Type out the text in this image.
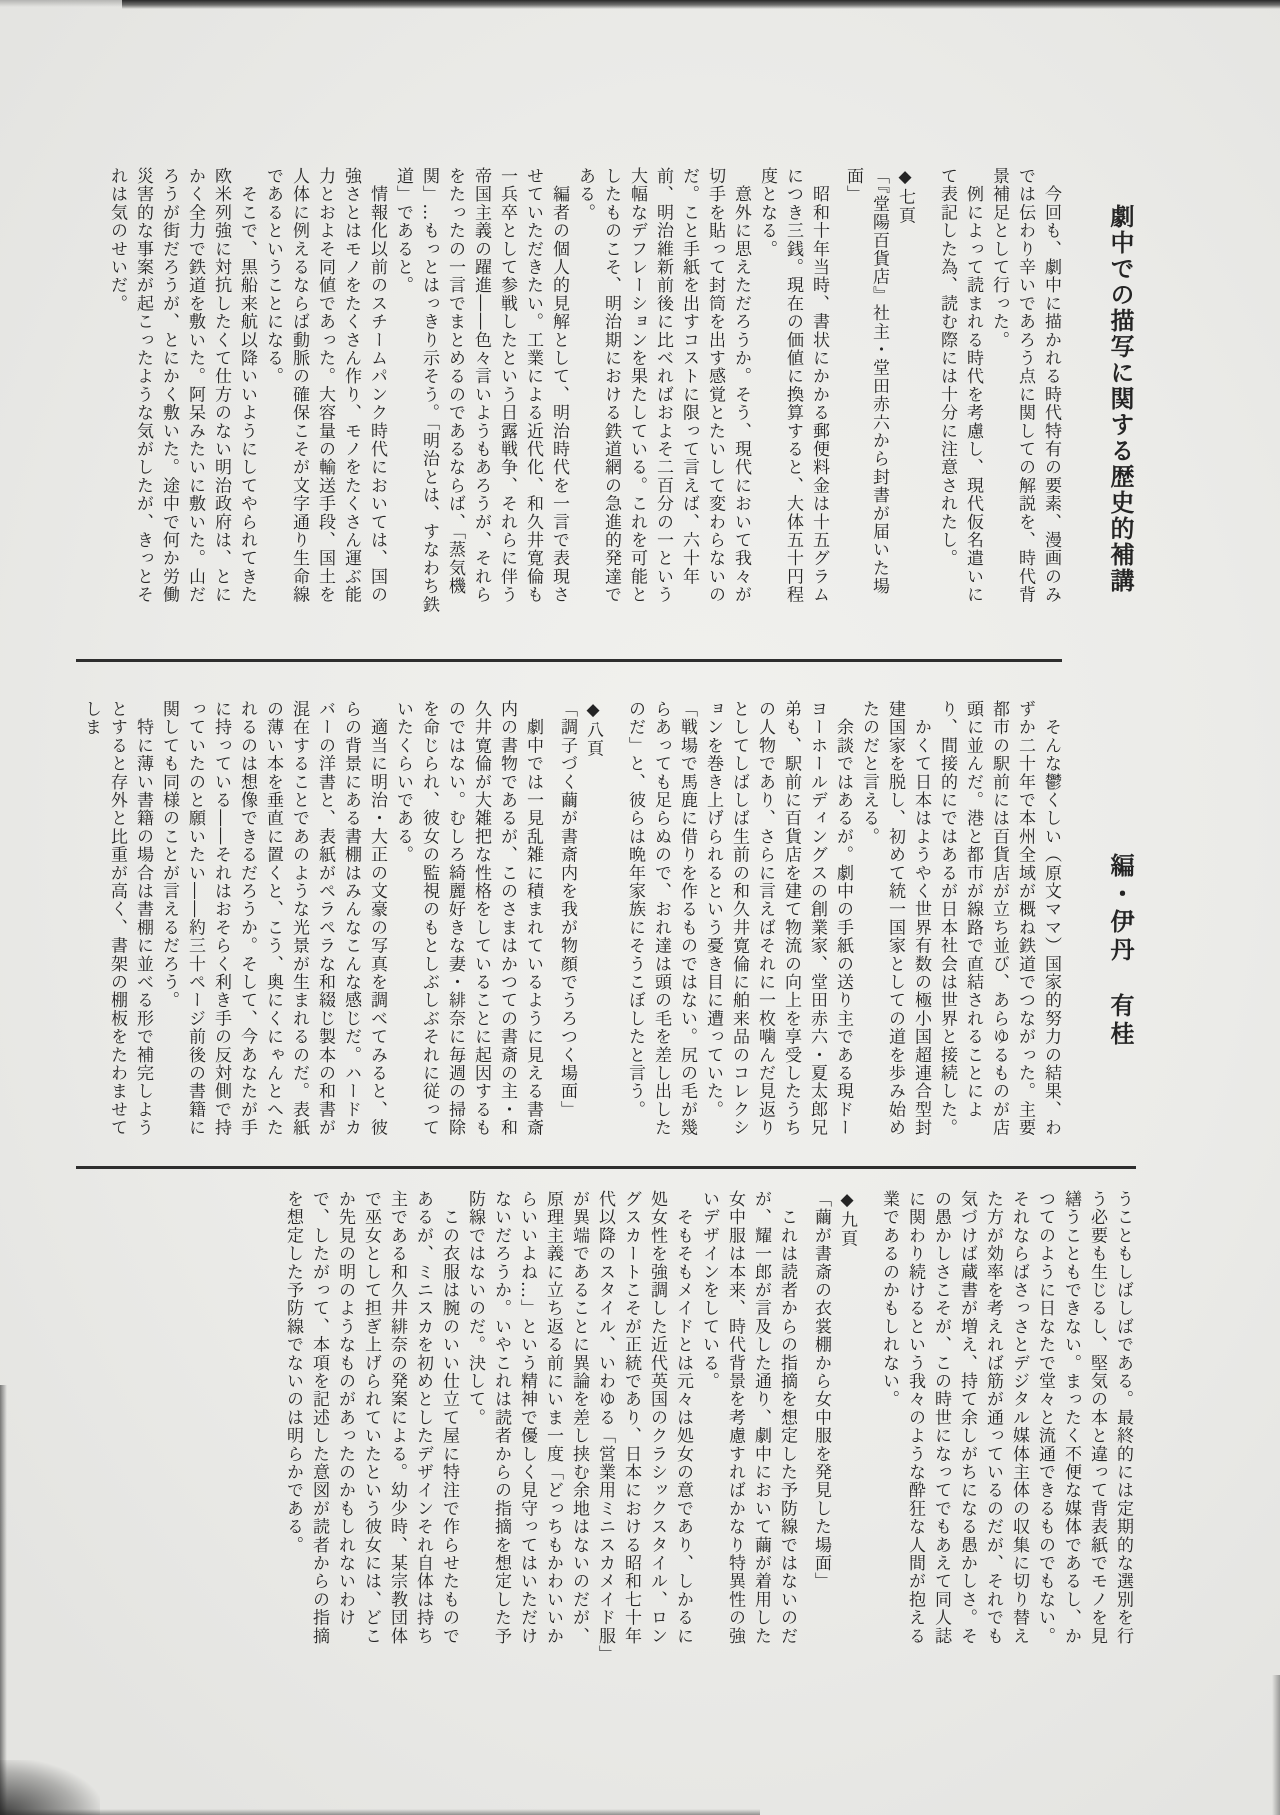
劇中での描写に関する歴史的補講
編・伊丹　有桂

　今回も、劇中に描かれる時代特有の要素、漫画のみでは伝わり辛いであろう点に関しての解説を、時代背景補足として行った。

　例によって読まれる時代を考慮し、現代仮名遣いにて表記した為、読む際には十分に注意されたし。

◆七頁

「『堂陽百貨店』社主・堂田赤六から封書が届いた場面」

　昭和十年当時、書状にかかる郵便料金は十五グラムにつき三銭。現在の価値に換算すると、大体五十円程度となる。

　意外に思えただろうか。そう、現代において我々が切手を貼って封筒を出す感覚とたいして変わらないのだ。こと手紙を出すコストに限って言えば、六十年前、明治維新前後に比べればおよそ二百分の一という大幅なデフレーションを果たしている。これを可能としたものこそ、明治期における鉄道網の急進的発達である。

　編者の個人的見解として、明治時代を一言で表現させていただきたい。工業による近代化、和久井寛倫も一兵卒として参戦したという日露戦争、それらに伴う帝国主義の躍進――色々言いようもあろうが、それらをたったの一言でまとめるのであるならば、「蒸気機関」…もっとはっきり示そう。「明治とは、すなわち鉄道」であると。

　情報化以前のスチームパンク時代においては、国の強さとはモノをたくさん作り、モノをたくさん運ぶ能力とおよそ同値であった。大容量の輸送手段、国土を人体に例えるならば動脈の確保こそが文字通り生命線であるということになる。

　そこで、黒船来航以降いいようにしてやられてきた欧米列強に対抗したくて仕方のない明治政府は、とにかく全力で鉄道を敷いた。阿呆みたいに敷いた。山だろうが街だろうが、とにかく敷いた。途中で何か労働災害的な事案が起こったような気がしたが、きっとそれは気のせいだ。

　そんな鬱くしい（原文ママ）国家的努力の結果、わずか二十年で本州全域が概ね鉄道でつながった。主要都市の駅前には百貨店が立ち並び、あらゆるものが店頭に並んだ。港と都市が線路で直結されることにより、間接的にではあるが日本社会は世界と接続した。

　かくて日本はようやく世界有数の極小国超連合型封建国家を脱し、初めて統一国家としての道を歩み始めたのだと言える。

　余談ではあるが。劇中の手紙の送り主である現ドーヨーホールディングスの創業家、堂田赤六・夏太郎兄弟も、駅前に百貨店を建て物流の向上を享受したうちの人物であり、さらに言えばそれに一枚噛んだ見返りとしてしばしば生前の和久井寛倫に舶来品のコレクションを巻き上げられるという憂き目に遭っていた。

「戦場で馬鹿に借りを作るものではない。尻の毛が幾らあっても足らぬので、おれ達は頭の毛を差し出したのだ」と、彼らは晩年家族にそうこぼしたと言う。

◆八頁

「調子づく繭が書斎内を我が物顔でうろつく場面」

　劇中では一見乱雑に積まれているように見える書斎内の書物であるが、このさまはかつての書斎の主・和久井寛倫が大雑把な性格をしていることに起因するものではない。むしろ綺麗好きな妻・緋奈に毎週の掃除を命じられ、彼女の監視のもとしぶしぶそれに従っていたくらいである。

　適当に明治・大正の文豪の写真を調べてみると、彼らの背景にある書棚はみんなこんな感じだ。ハードカバーの洋書と、表紙がペラペラな和綴じ製本の和書が混在することであのような光景が生まれるのだ。表紙の薄い本を垂直に置くと、こう、奥にくにゃんとへたれるのは想像できるだろうか。そして、今あなたが手に持っている――それはおそらく利き手の反対側で持っていたのと願いたい――約三十ページ前後の書籍に関しても同様のことが言えるだろう。

　特に薄い書籍の場合は書棚に並べる形で補完しようとすると存外と比重が高く、書架の棚板をたわませてしま

うこともしばしばである。最終的には定期的な選別を行う必要も生じるし、堅気の本と違って背表紙でモノを見繕うこともできない。まったく不便な媒体であるし、かつてのように日なたで堂々と流通できるものでもない。それならばさっさとデジタル媒体主体の収集に切り替えた方が効率を考えれば筋が通っているのだが、それでも気づけば蔵書が増え、持て余しがちになる愚かしさ。その愚かしさこそが、この時世になってでもあえて同人誌に関わり続けるという我々のような酔狂な人間が抱える業であるのかもしれない。

◆九頁

「繭が書斎の衣裳棚から女中服を発見した場面」

　これは読者からの指摘を想定した予防線ではないのだが、耀一郎が言及した通り、劇中において繭が着用した女中服は本来、時代背景を考慮すればかなり特異性の強いデザインをしている。

　そもそもメイドとは元々は処女の意であり、しかるに処女性を強調した近代英国のクラシックスタイル、ロングスカートこそが正統であり、日本における昭和七十年代以降のスタイル、いわゆる「営業用ミニスカメイド服」が異端であることに異論を差し挟む余地はないのだが、原理主義に立ち返る前にいま一度「どっちもかわいいからいいよね…」という精神で優しく見守ってはいただけないだろうか。いやこれは読者からの指摘を想定した予防線ではないのだ。決して。

　この衣服は腕のいい仕立て屋に特注で作らせたものであるが、ミニスカを初めとしたデザインそれ自体は持ち主である和久井緋奈の発案による。幼少時、某宗教団体で巫女として担ぎ上げられていたという彼女には、どこか先見の明のようなものがあったのかもしれないわけで、したがって、本項を記述した意図が読者からの指摘を想定した予防線でないのは明らかである。
